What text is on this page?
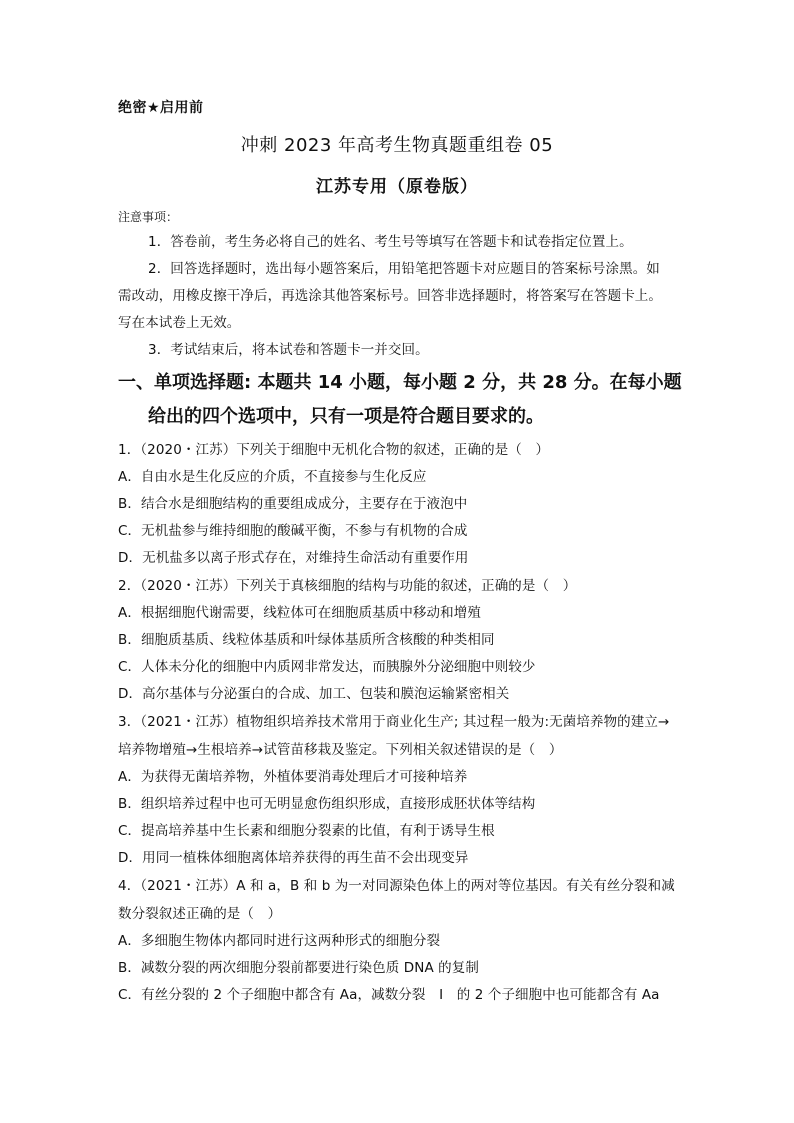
绝密★启用前
冲刺 2023 年高考生物真题重组卷 05
江苏专用（原卷版）
注意事项：
1．答卷前，考生务必将自己的姓名、考生号等填写在答题卡和试卷指定位置上。
2．回答选择题时，选出每小题答案后，用铅笔把答题卡对应题目的答案标号涂黑。如
需改动，用橡皮擦干净后，再选涂其他答案标号。回答非选择题时，将答案写在答题卡上。
写在本试卷上无效。
3．考试结束后，将本试卷和答题卡一并交回。
一、单项选择题: 本题共 14 小题，每小题 2 分，共 28 分。在每小题
给出的四个选项中，只有一项是符合题目要求的。
1．（2020・江苏）下列关于细胞中无机化合物的叙述，正确的是（　）
A．自由水是生化反应的介质，不直接参与生化反应
B．结合水是细胞结构的重要组成成分，主要存在于液泡中
C．无机盐参与维持细胞的酸碱平衡，不参与有机物的合成
D．无机盐多以离子形式存在，对维持生命活动有重要作用
2．（2020・江苏）下列关于真核细胞的结构与功能的叙述，正确的是（　）
A．根据细胞代谢需要，线粒体可在细胞质基质中移动和增殖
B．细胞质基质、线粒体基质和叶绿体基质所含核酸的种类相同
C．人体未分化的细胞中内质网非常发达，而胰腺外分泌细胞中则较少
D．高尔基体与分泌蛋白的合成、加工、包装和膜泡运输紧密相关
3．（2021・江苏）植物组织培养技术常用于商业化生产; 其过程一般为:无菌培养物的建立→
培养物增殖→生根培养→试管苗移栽及鉴定。下列相关叙述错误的是（　）
A．为获得无菌培养物，外植体要消毒处理后才可接种培养
B．组织培养过程中也可无明显愈伤组织形成，直接形成胚状体等结构
C．提高培养基中生长素和细胞分裂素的比值，有利于诱导生根
D．用同一植株体细胞离体培养获得的再生苗不会出现变异
4．（2021・江苏）A 和 a，B 和 b 为一对同源染色体上的两对等位基因。有关有丝分裂和减
数分裂叙述正确的是（　）
A．多细胞生物体内都同时进行这两种形式的细胞分裂
B．减数分裂的两次细胞分裂前都要进行染色质 DNA 的复制
C．有丝分裂的 2 个子细胞中都含有 Aa，减数分裂　I　的 2 个子细胞中也可能都含有 Aa
